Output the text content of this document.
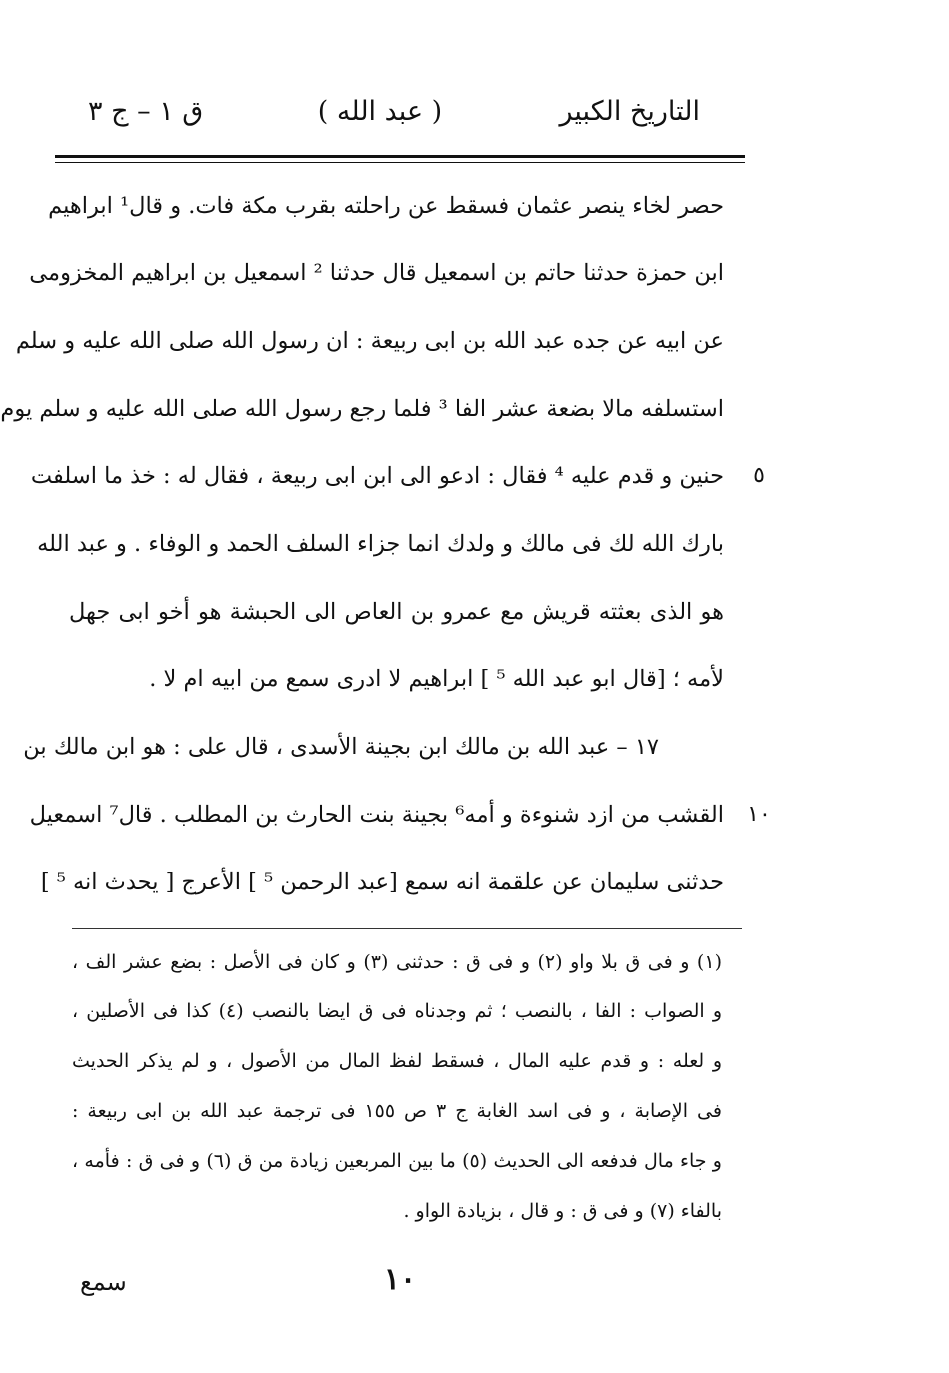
التاريخ الكبير
( عبد الله )
ق ١ – ج ٣
حصر لخاء ينصر عثمان فسقط عن راحلته بقرب مكة فات. و قال¹ ابراهيم
ابن حمزة حدثنا حاتم بن اسمعيل قال حدثنا ² اسمعيل بن ابراهيم المخزومى
عن ابيه عن جده عبد الله بن ابى ربيعة : ان رسول الله صلى الله عليه و سلم
استسلفه مالا بضعة عشر الفا ³ فلما رجع رسول الله صلى الله عليه و سلم يوم
حنين و قدم عليه ⁴ فقال : ادعو الى ابن ابى ربيعة ، فقال له : خذ ما اسلفت	٥
بارك الله لك فى مالك و ولدك انما جزاء السلف الحمد و الوفاء . و عبد الله
هو الذى بعثته قريش مع عمرو بن العاص الى الحبشة هو أخو ابى جهل
لأمه ؛ [قال ابو عبد الله ⁵ ] ابراهيم لا ادرى سمع من ابيه ام لا .
١٧ – عبد الله بن مالك ابن بجينة الأسدى ، قال على : هو ابن مالك بن
القشب من ازد شنوءة و أمه⁶ بجينة بنت الحارث بن المطلب . قال⁷ اسمعيل ١٠
حدثنى سليمان عن علقمة انه سمع [عبد الرحمن ⁵ ] الأعرج [ يحدث انه ⁵ ]
(١) و فى ق بلا واو (٢) و فى ق : حدثنى (٣) و كان فى الأصل : بضع عشر الف ،
و الصواب : الفا ، بالنصب ؛ ثم وجدناه فى ق ايضا بالنصب (٤) كذا فى الأصلين ،
و لعله : و قدم عليه المال ، فسقط لفظ المال من الأصول ، و لم يذكر الحديث
فى الإصابة ، و فى اسد الغابة ج ٣ ص ١٥٥ فى ترجمة عبد الله بن ابى ربيعة :
و جاء مال فدفعه الى الحديث (٥) ما بين المربعين زيادة من ق (٦) و فى ق : فأمه ،
بالفاء (٧) و فى ق : و قال ، بزيادة الواو .
١٠
سمع
